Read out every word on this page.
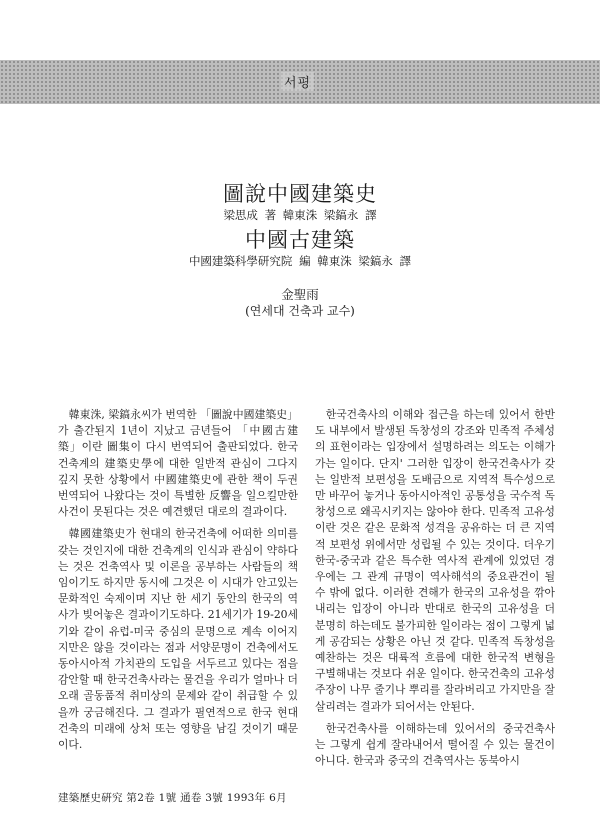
서평
圖說中國建築史
梁思成 著 韓東洙 梁鎬永 譯
中國古建築
中國建築科學研究院 編 韓東洙 梁鎬永 譯
金聖雨
(연세대 건축과 교수)

韓東洙, 梁鎬永씨가 번역한 「圖說中國建築史」가 출간된지 1년이 지났고 금년들어 「中國古建築」이란 圖集이 다시 번역되어 출판되었다. 한국건축계의 建築史學에 대한 일반적 관심이 그다지 깊지 못한 상황에서 中國建築史에 관한 책이 두권 번역되어 나왔다는 것이 특별한 反響을 일으킬만한 사건이 못된다는 것은 예견했던 대로의 결과이다.

韓國建築史가 현대의 한국건축에 어떠한 의미를 갖는 것인지에 대한 건축계의 인식과 관심이 약하다는 것은 건축역사 및 이론을 공부하는 사람들의 책임이기도 하지만 동시에 그것은 이 시대가 안고있는 문화적인 숙제이며 지난 한 세기 동안의 한국의 역사가 빚어놓은 결과이기도하다. 21세기가 19-20세기와 같이 유럽-미국 중심의 문명으로 계속 이어지지만은 않을 것이라는 점과 서양문명이 건축에서도 동아시아적 가치관의 도입을 서두르고 있다는 점을 감안할 때 한국건축사라는 물건을 우리가 얼마나 더 오래 골동품적 취미상의 문제와 같이 취급할 수 있을까 궁금해진다. 그 결과가 필연적으로 한국 현대건축의 미래에 상처 또는 영향을 남길 것이기 때문이다.

한국건축사의 이해와 접근을 하는데 있어서 한반도 내부에서 발생된 독창성의 강조와 민족적 주체성의 표현이라는 입장에서 설명하려는 의도는 이해가 가는 일이다. 단지' 그러한 입장이 한국건축사가 갖는 일반적 보편성을 도배금으로 지역적 특수성으로만 바꾸어 놓거나 동아시아적인 공통성을 국수적 독창성으로 왜곡시키지는 않아야 한다. 민족적 고유성이란 것은 같은 문화적 성격을 공유하는 더 큰 지역적 보편성 위에서만 성립될 수 있는 것이다. 더우기 한국-중국과 같은 특수한 역사적 관계에 있었던 경우에는 그 관계 규명이 역사해석의 중요관건이 될 수 밖에 없다. 이러한 견해가 한국의 고유성을 깎아내리는 입장이 아니라 반대로 한국의 고유성을 더 분명히 하는데도 불가피한 일이라는 점이 그렇게 넓게 공감되는 상황은 아닌 것 같다. 민족적 독창성을 예찬하는 것은 대륙적 흐름에 대한 한국적 변형을 구별해내는 것보다 쉬운 일이다. 한국건축의 고유성 주장이 나무 줄기나 뿌리를 잘라버리고 가지만을 잘 살리려는 결과가 되어서는 안된다.

한국건축사를 이해하는데 있어서의 중국건축사는 그렇게 쉽게 잘라내어서 떨어질 수 있는 물건이 아니다. 한국과 중국의 건축역사는 동북아시

建築歷史硏究 第2卷 1號 通卷 3號 1993年 6月
